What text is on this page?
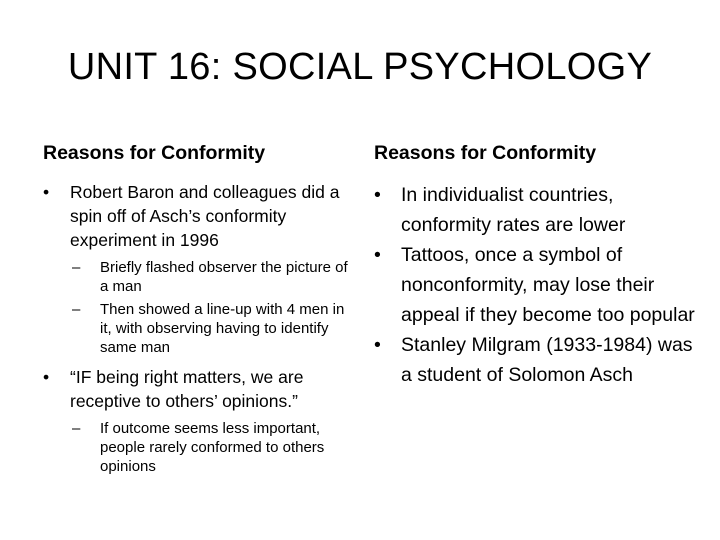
UNIT 16: SOCIAL PSYCHOLOGY
Reasons for Conformity
• Robert Baron and colleagues did a spin off of Asch’s conformity experiment in 1996
– Briefly flashed observer the picture of a man
– Then showed a line-up with 4 men in it, with observing having to identify same man
• “IF being right matters, we are receptive to others’ opinions.”
– If outcome seems less important, people rarely conformed to others opinions
Reasons for Conformity
• In individualist countries, conformity rates are lower
• Tattoos, once a symbol of nonconformity, may lose their appeal if they become too popular
• Stanley Milgram (1933-1984) was a student of Solomon Asch
